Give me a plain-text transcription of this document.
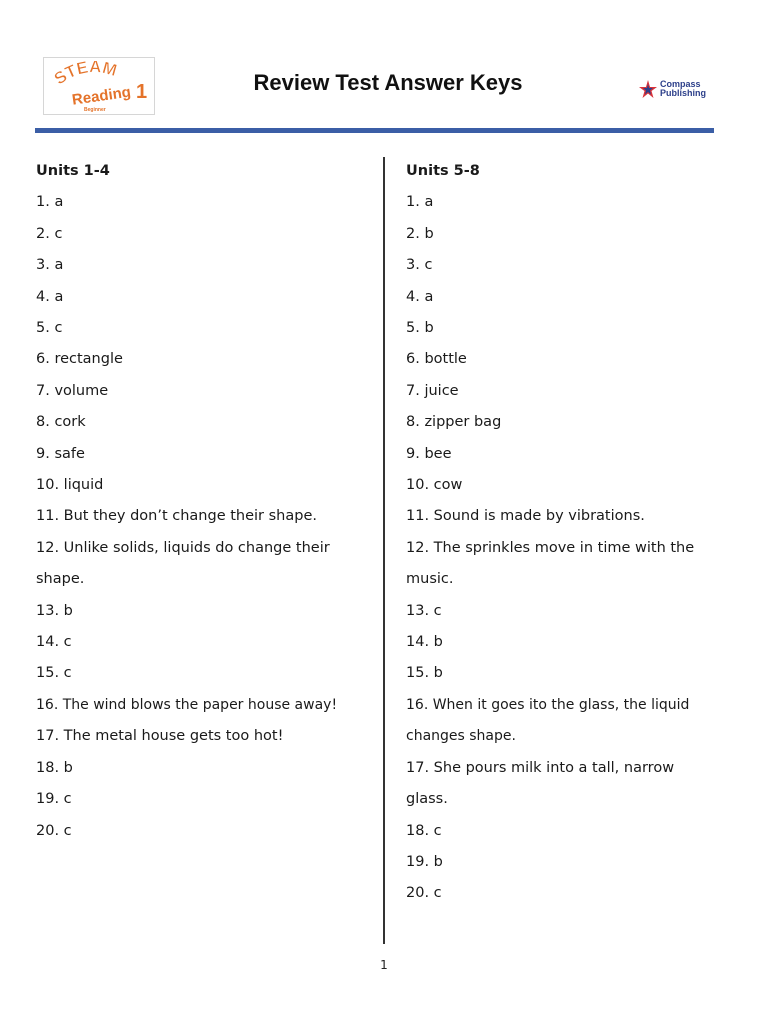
STEAM
Reading
Beginner
1	Review Test Answer Keys	Compass
Publishing
Units 1-4
1. a
2. c
3. a
4. a
5. c
6. rectangle
7. volume
8. cork
9. safe
10. liquid
11. But they don’t change their shape.
12. Unlike solids, liquids do change their shape.
13. b
14. c
15. c
16. The wind blows the paper house away!
17. The metal house gets too hot!
18. b
19. c
20. c
Units 5-8
1. a
2. b
3. c
4. a
5. b
6. bottle
7. juice
8. zipper bag
9. bee
10. cow
11. Sound is made by vibrations.
12. The sprinkles move in time with the music.
13. c
14. b
15. b
16. When it goes ito the glass, the liquid changes shape.
17. She pours milk into a tall, narrow glass.
18. c
19. b
20. c
1
